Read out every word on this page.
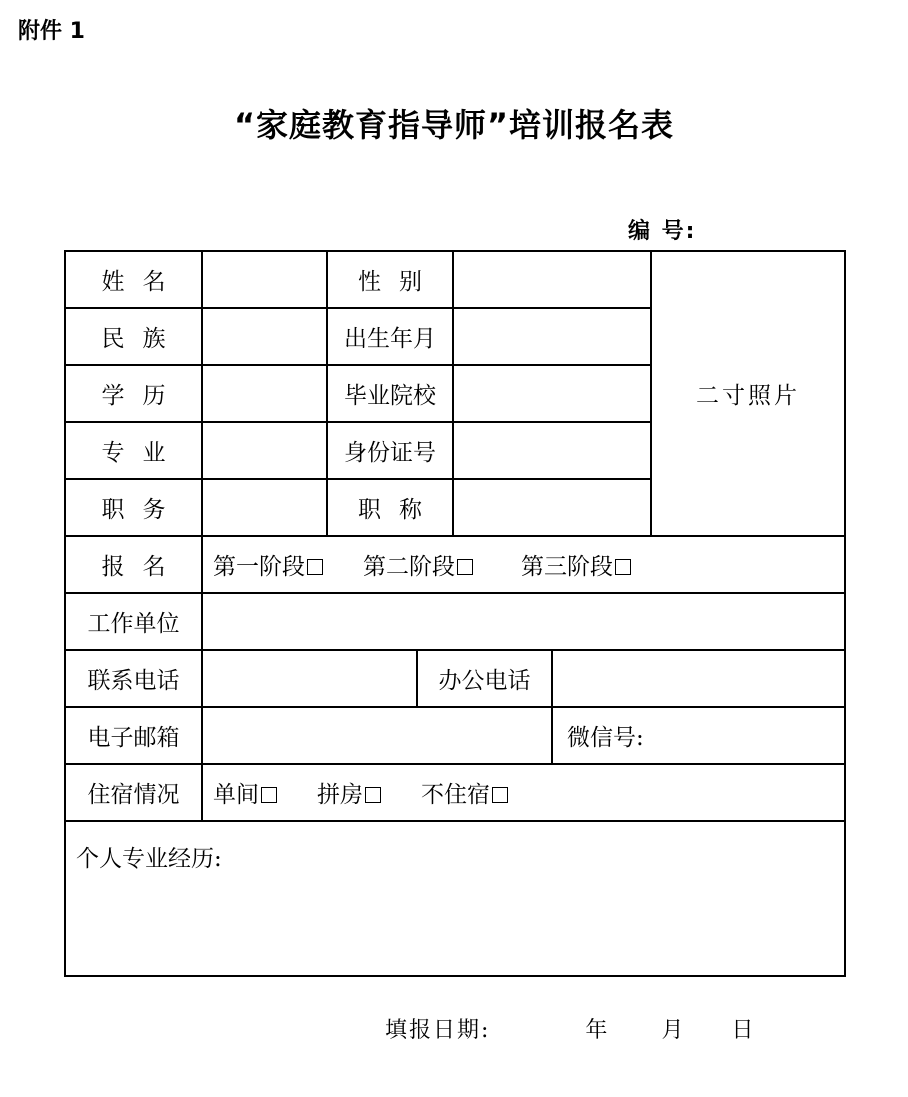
附件 1
“家庭教育指导师”培训报名表
编 号:
姓名		性别				二寸照片
民族		出生年月				
学历		毕业院校				
专业		身份证号				
职务		职称				
报名	第一阶段 第二阶段 第三阶段					
工作单位						
联系电话			办公电话			
电子邮箱					微信号:	
住宿情况	单间 拼房 不住宿					
个人专业经历:						
填报日期:	年 月 日
